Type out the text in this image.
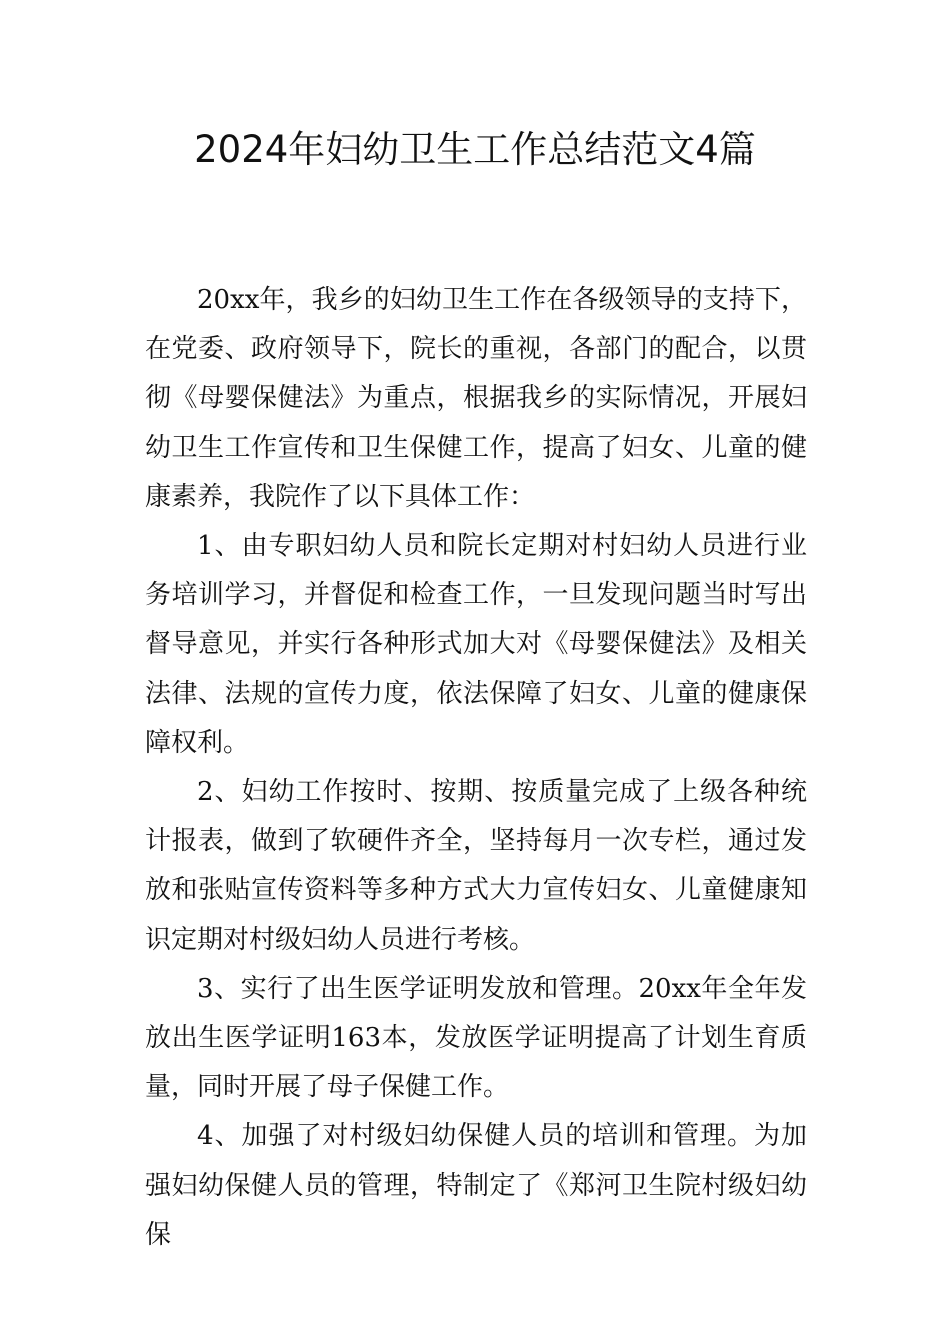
2024年妇幼卫生工作总结范文4篇

20xx年，我乡的妇幼卫生工作在各级领导的支持下，在党委、政府领导下，院长的重视，各部门的配合，以贯彻《母婴保健法》为重点，根据我乡的实际情况，开展妇幼卫生工作宣传和卫生保健工作，提高了妇女、儿童的健康素养，我院作了以下具体工作：

1、由专职妇幼人员和院长定期对村妇幼人员进行业务培训学习，并督促和检查工作，一旦发现问题当时写出督导意见，并实行各种形式加大对《母婴保健法》及相关法律、法规的宣传力度，依法保障了妇女、儿童的健康保障权利。

2、妇幼工作按时、按期、按质量完成了上级各种统计报表，做到了软硬件齐全，坚持每月一次专栏，通过发放和张贴宣传资料等多种方式大力宣传妇女、儿童健康知识定期对村级妇幼人员进行考核。

3、实行了出生医学证明发放和管理。20xx年全年发放出生医学证明163本，发放医学证明提高了计划生育质量，同时开展了母子保健工作。

4、加强了对村级妇幼保健人员的培训和管理。为加强妇幼保健人员的管理，特制定了《郑河卫生院村级妇幼保
